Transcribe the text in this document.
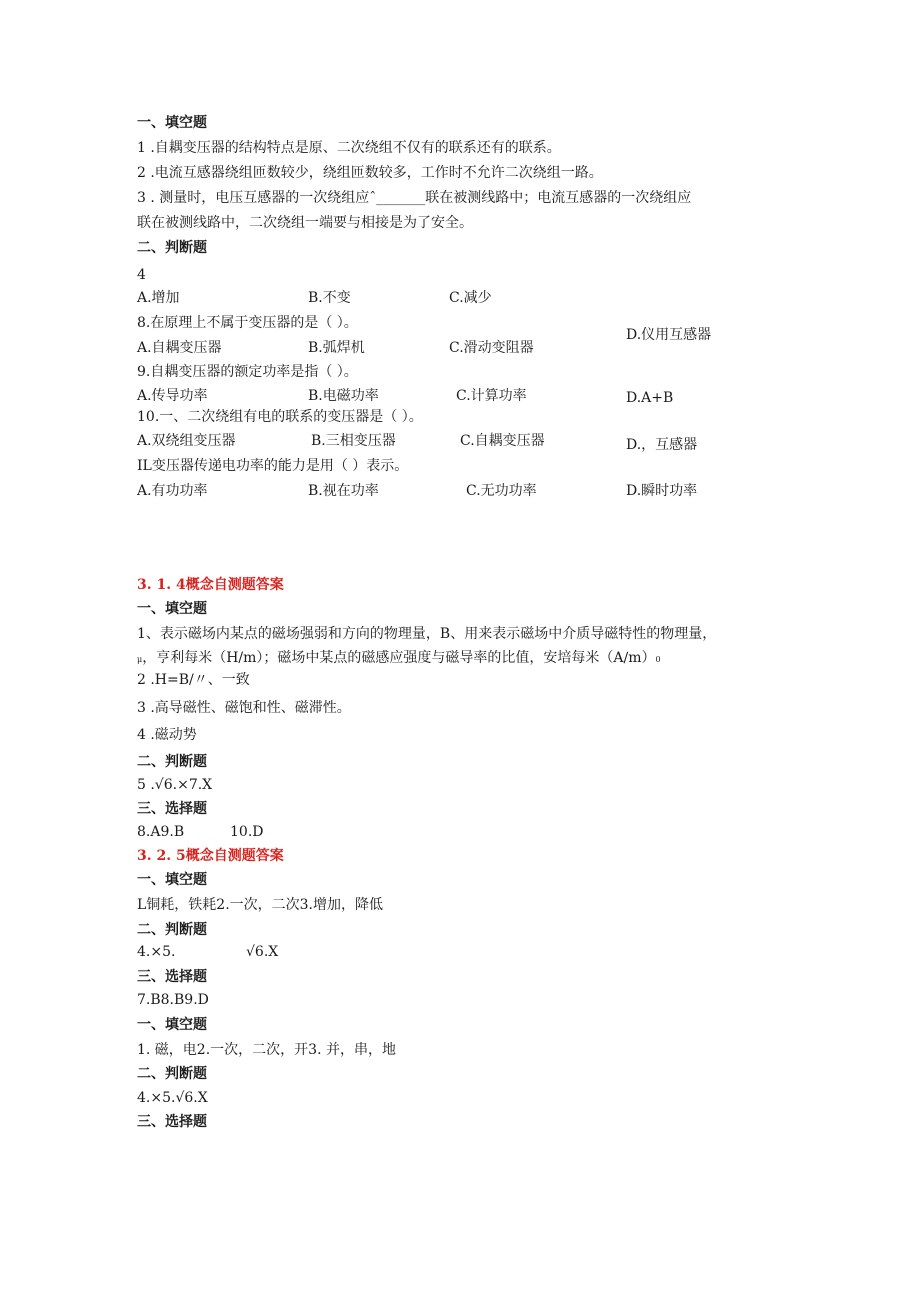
一、填空题
1 .自耦变压器的结构特点是原、二次绕组不仅有的联系还有的联系。
2 .电流互感器绕组匝数较少，绕组匝数较多，工作时不允许二次绕组一路。
3 . 测量时，电压互感器的一次绕组应ˆ_______联在被测线路中；电流互感器的一次绕组应
联在被测线路中，二次绕组一端要与相接是为了安全。
二、判断题
4
A.增加	B.不变	C.减少
8.在原理上不属于变压器的是（ ）。
D.仪用互感器
A.自耦变压器	B.弧焊机	C.滑动变阻器
9.自耦变压器的额定功率是指（ ）。
A.传导功率	B.电磁功率	C.计算功率	D.A+B
10.一、二次绕组有电的联系的变压器是（ ）。
A.双绕组变压器	B.三相变压器	C.自耦变压器	D.，互感器
IL变压器传递电功率的能力是用（ ）表示。
A.有功功率	B.视在功率	C.无功功率	D.瞬时功率
3. 1. 4概念自测题答案
一、填空题
1、表示磁场内某点的磁场强弱和方向的物理量，B、用来表示磁场中介质导磁特性的物理量，
μ，亨利每米（H/m）；磁场中某点的磁感应强度与磁导率的比值，安培每米（A∕m）0
2 .H=B/〃、一致
3 .高导磁性、磁饱和性、磁滞性。
4 .磁动势
二、判断题
5 .√6.×7.X
三、选择题
8.A9.B	10.D
3. 2. 5概念自测题答案
一、填空题
L铜耗，铁耗2.一次，二次3.增加，降低
二、判断题
4.×5.	√6.X
三、选择题
7.B8.B9.D
一、填空题
1. 磁，电2.一次，二次，开3. 并，串，地
二、判断题
4.×5.√6.X
三、选择题
